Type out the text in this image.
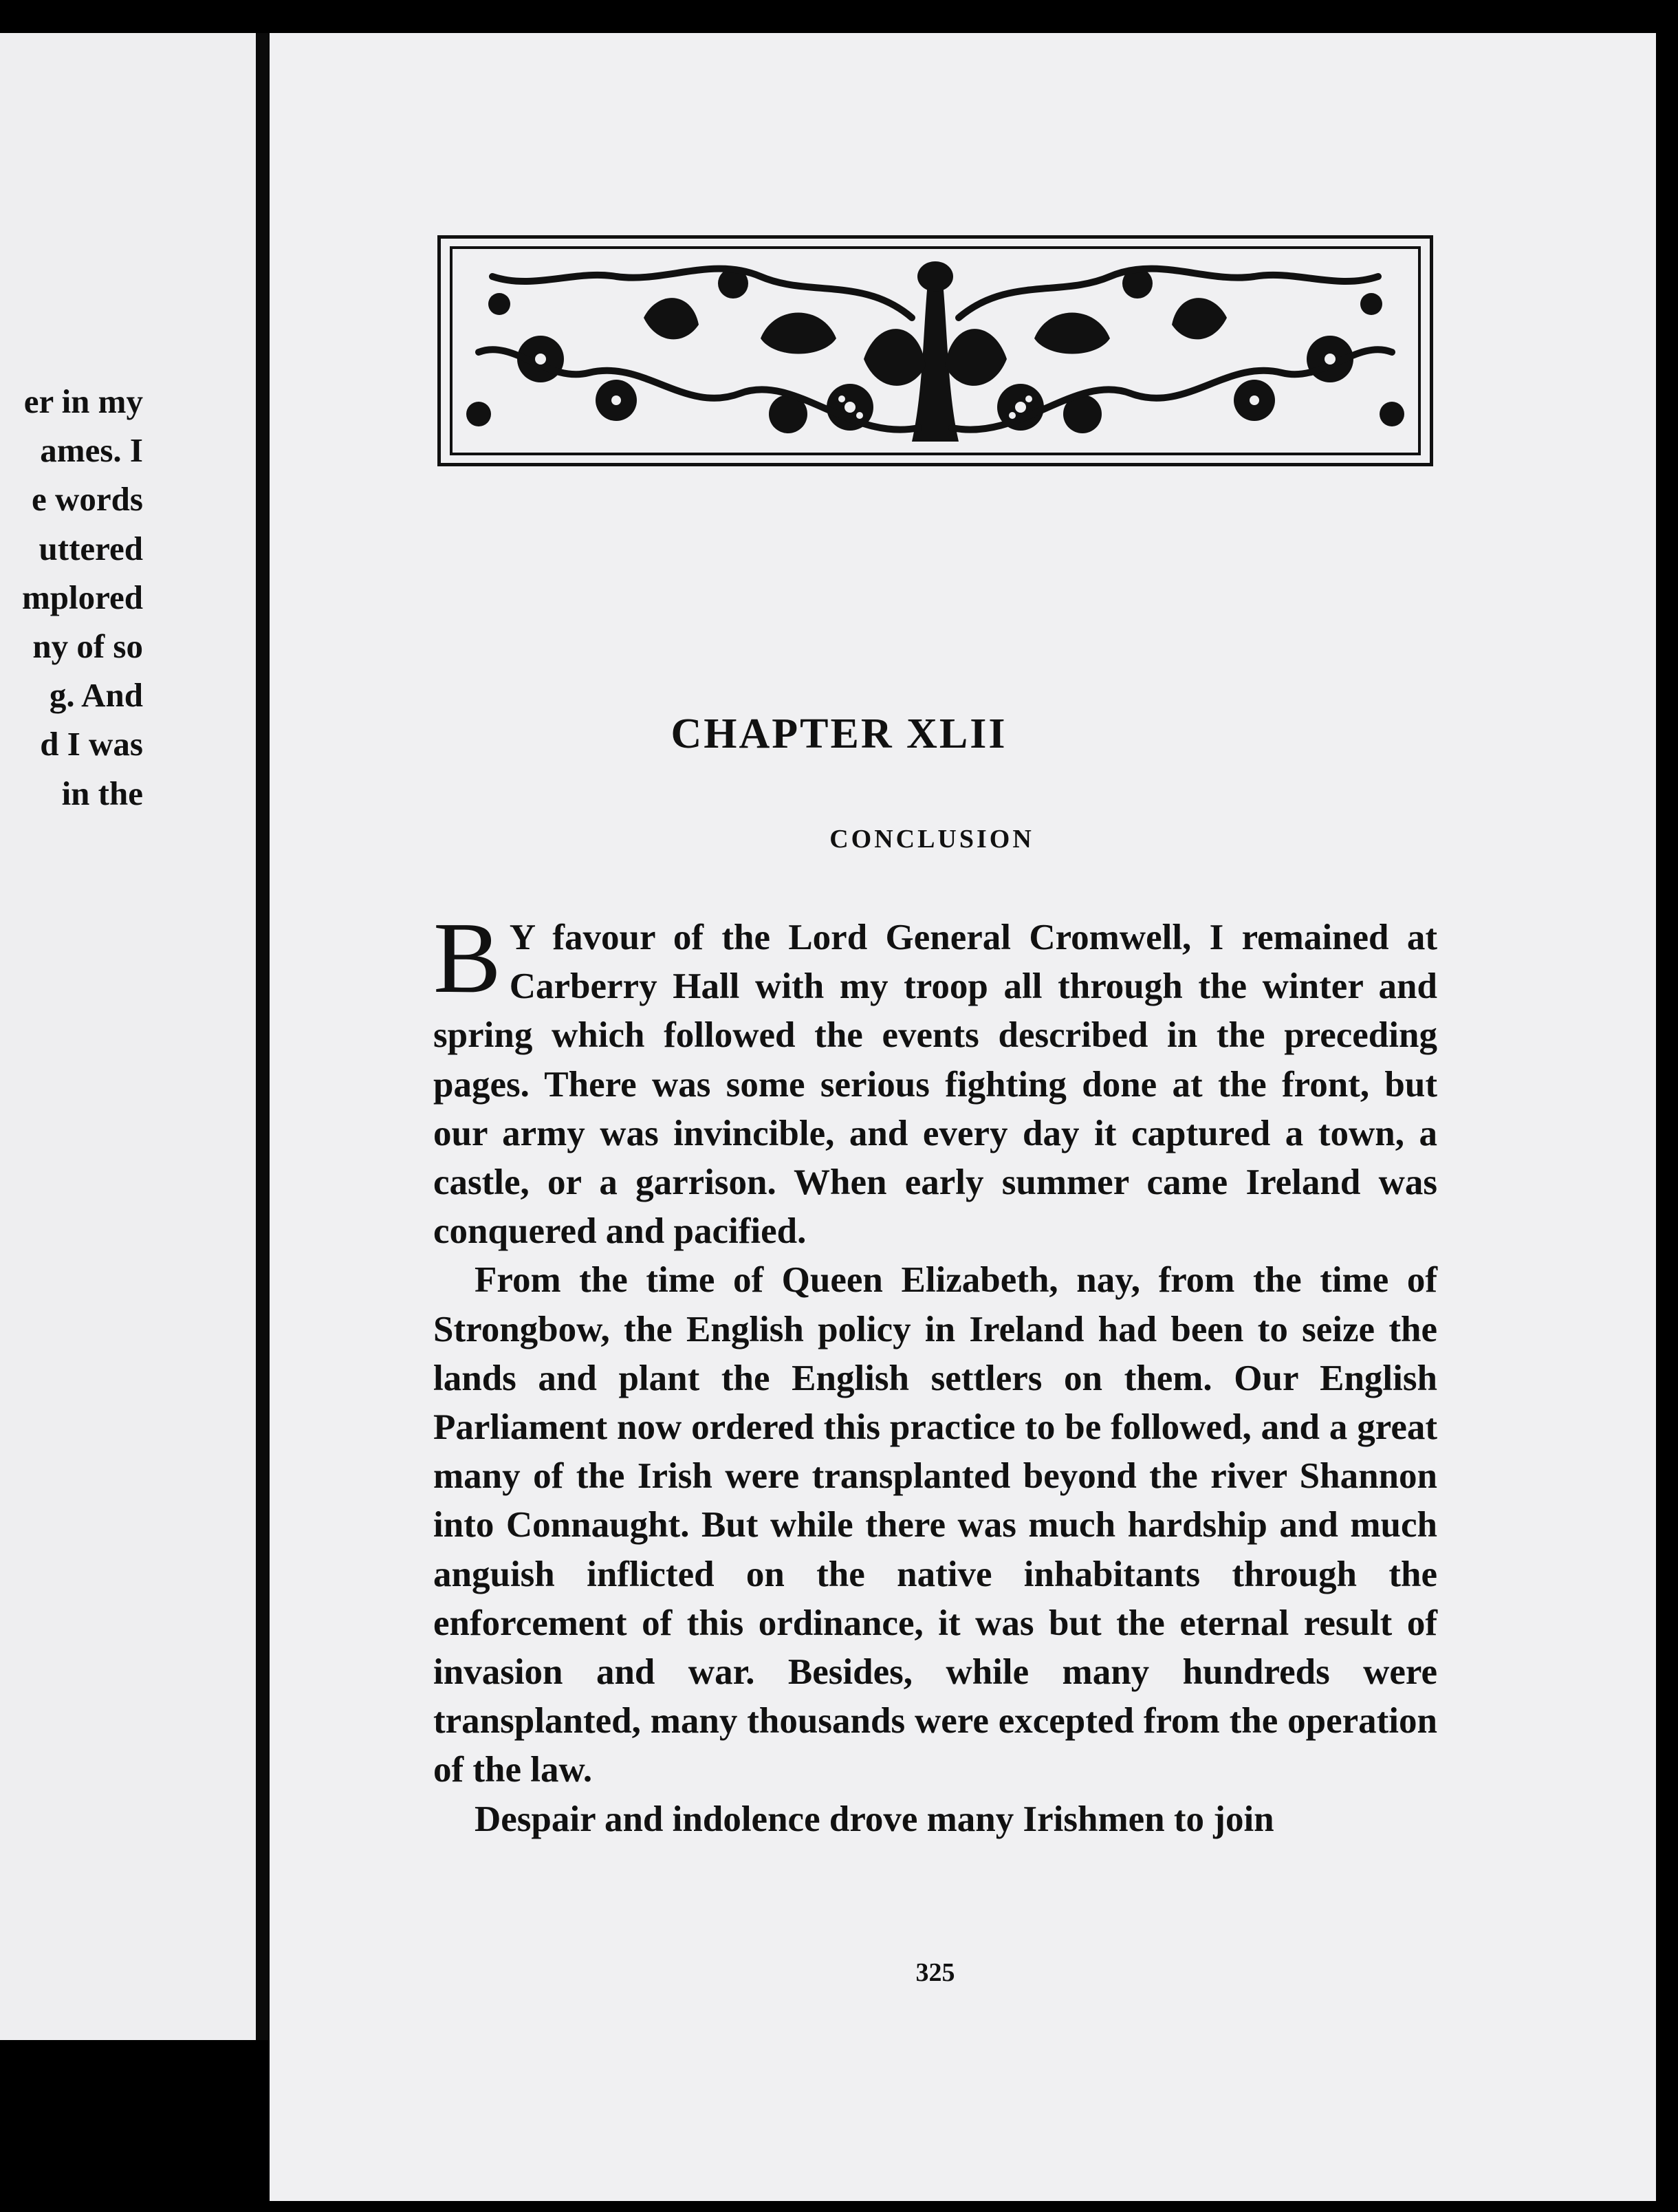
er in my
ames. I
e words
uttered
mplored
ny of so
g. And
d I was
in the
CHAPTER XLII
CONCLUSION

B Y favour of the Lord General Cromwell, I remained at Carberry Hall with my troop all through the winter and spring which followed the events described in the preceding pages. There was some serious fighting done at the front, but our army was invincible, and every day it captured a town, a castle, or a garrison. When early summer came Ireland was conquered and pacified.

From the time of Queen Elizabeth, nay, from the time of Strongbow, the English policy in Ireland had been to seize the lands and plant the English settlers on them. Our English Parliament now ordered this practice to be followed, and a great many of the Irish were transplanted beyond the river Shannon into Connaught. But while there was much hardship and much anguish inflicted on the native inhabitants through the enforcement of this ordinance, it was but the eternal result of invasion and war. Besides, while many hundreds were transplanted, many thousands were excepted from the operation of the law.

Despair and indolence drove many Irishmen to join

325
